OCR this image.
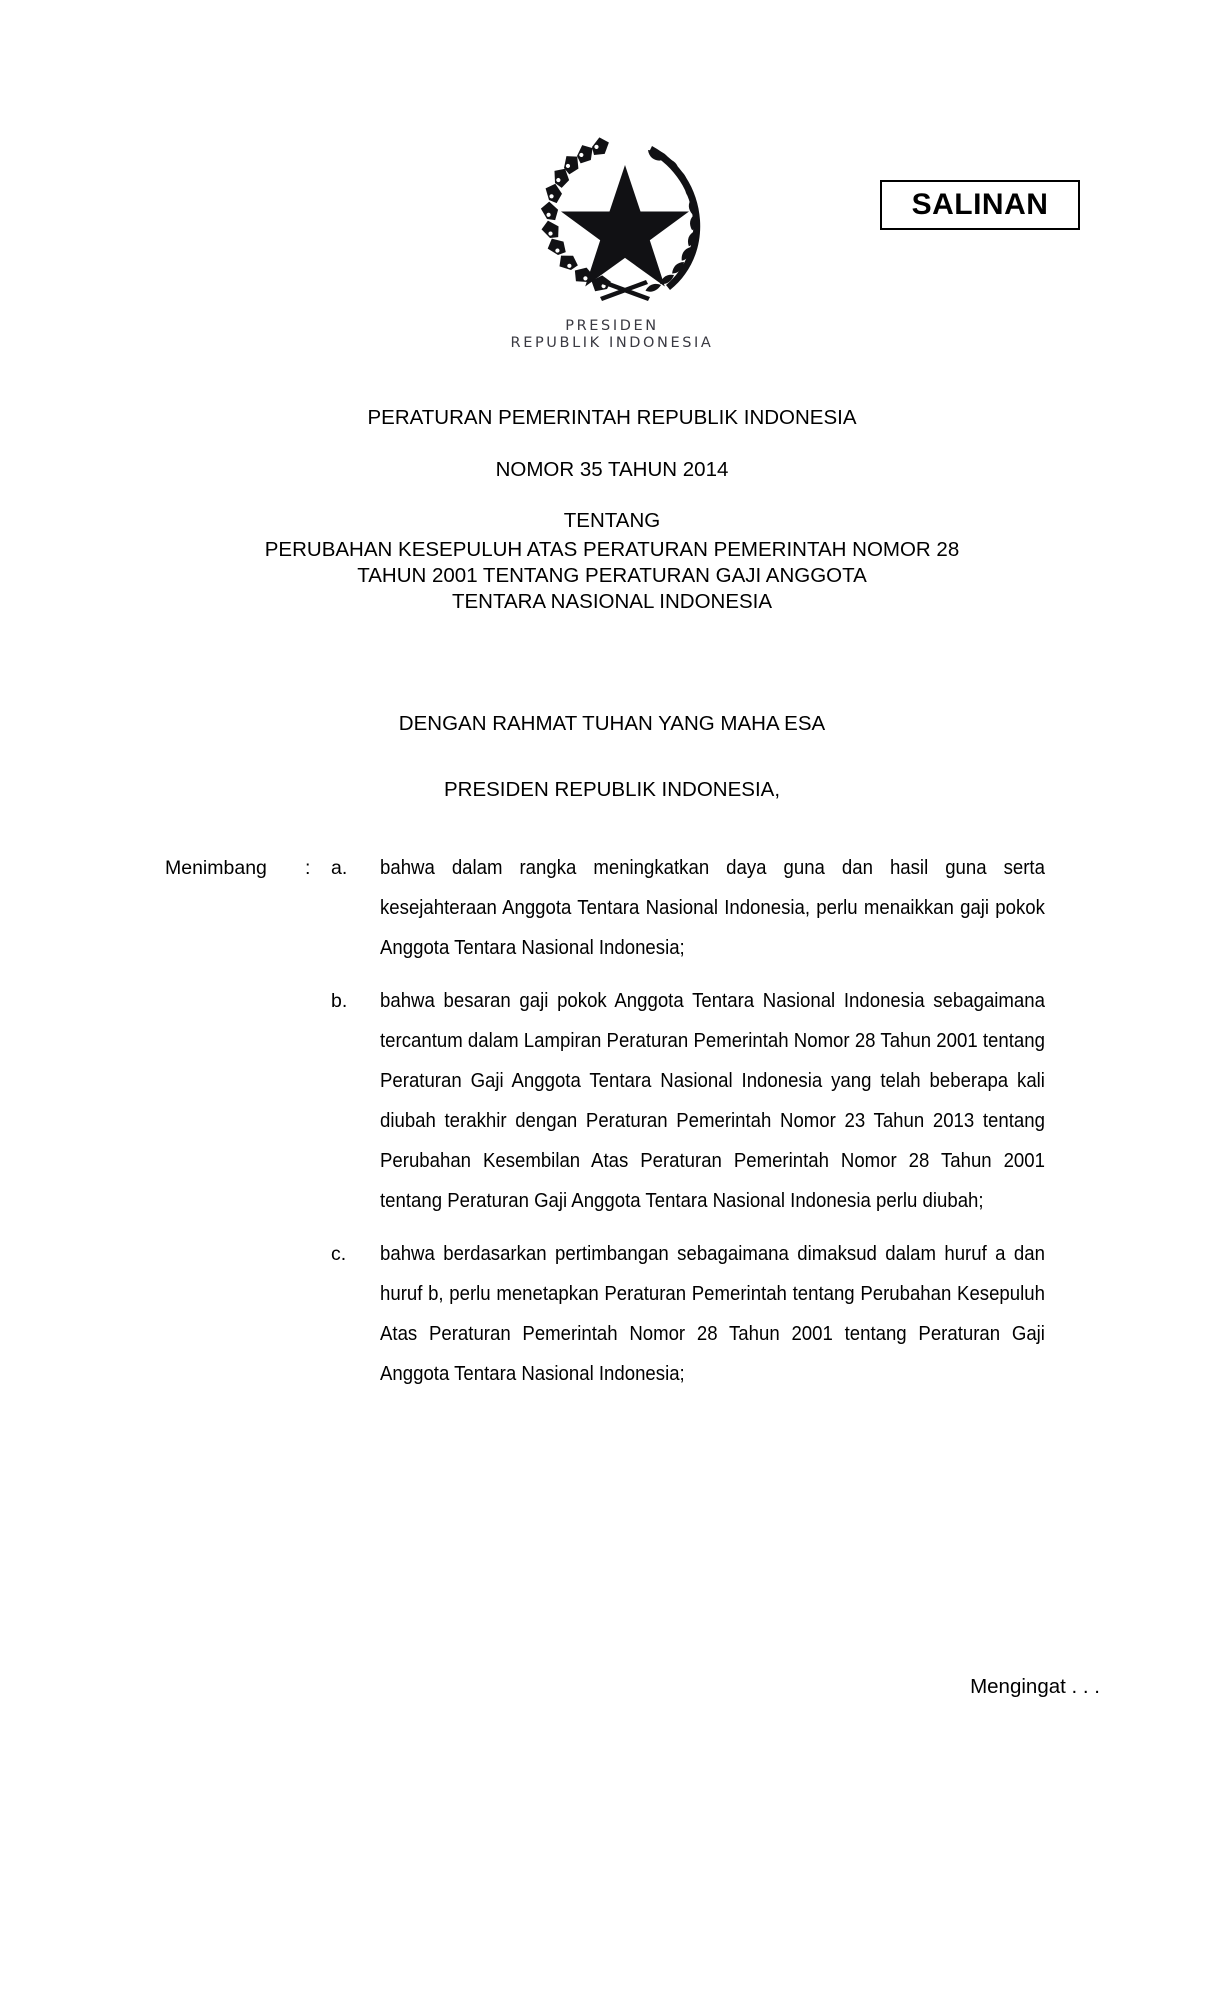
SALINAN
PRESIDEN
REPUBLIK INDONESIA
PERATURAN PEMERINTAH REPUBLIK INDONESIA
NOMOR 35 TAHUN 2014
TENTANG
PERUBAHAN KESEPULUH ATAS PERATURAN PEMERINTAH NOMOR 28
TAHUN 2001 TENTANG PERATURAN GAJI ANGGOTA
TENTARA NASIONAL INDONESIA
DENGAN RAHMAT TUHAN YANG MAHA ESA
PRESIDEN REPUBLIK INDONESIA,
Menimbang	:	a.	bahwa dalam rangka meningkatkan daya guna dan hasil guna serta kesejahteraan Anggota Tentara Nasional Indonesia, perlu menaikkan gaji pokok Anggota Tentara Nasional Indonesia;
b.	bahwa besaran gaji pokok Anggota Tentara Nasional Indonesia sebagaimana tercantum dalam Lampiran Peraturan Pemerintah Nomor 28 Tahun 2001 tentang Peraturan Gaji Anggota Tentara Nasional Indonesia yang telah beberapa kali diubah terakhir dengan Peraturan Pemerintah Nomor 23 Tahun 2013 tentang Perubahan Kesembilan Atas Peraturan Pemerintah Nomor 28 Tahun 2001 tentang Peraturan Gaji Anggota Tentara Nasional Indonesia perlu diubah;
c.	bahwa berdasarkan pertimbangan sebagaimana dimaksud dalam huruf a dan huruf b, perlu menetapkan Peraturan Pemerintah tentang Perubahan Kesepuluh Atas Peraturan Pemerintah Nomor 28 Tahun 2001 tentang Peraturan Gaji Anggota Tentara Nasional Indonesia;
Mengingat . . .
